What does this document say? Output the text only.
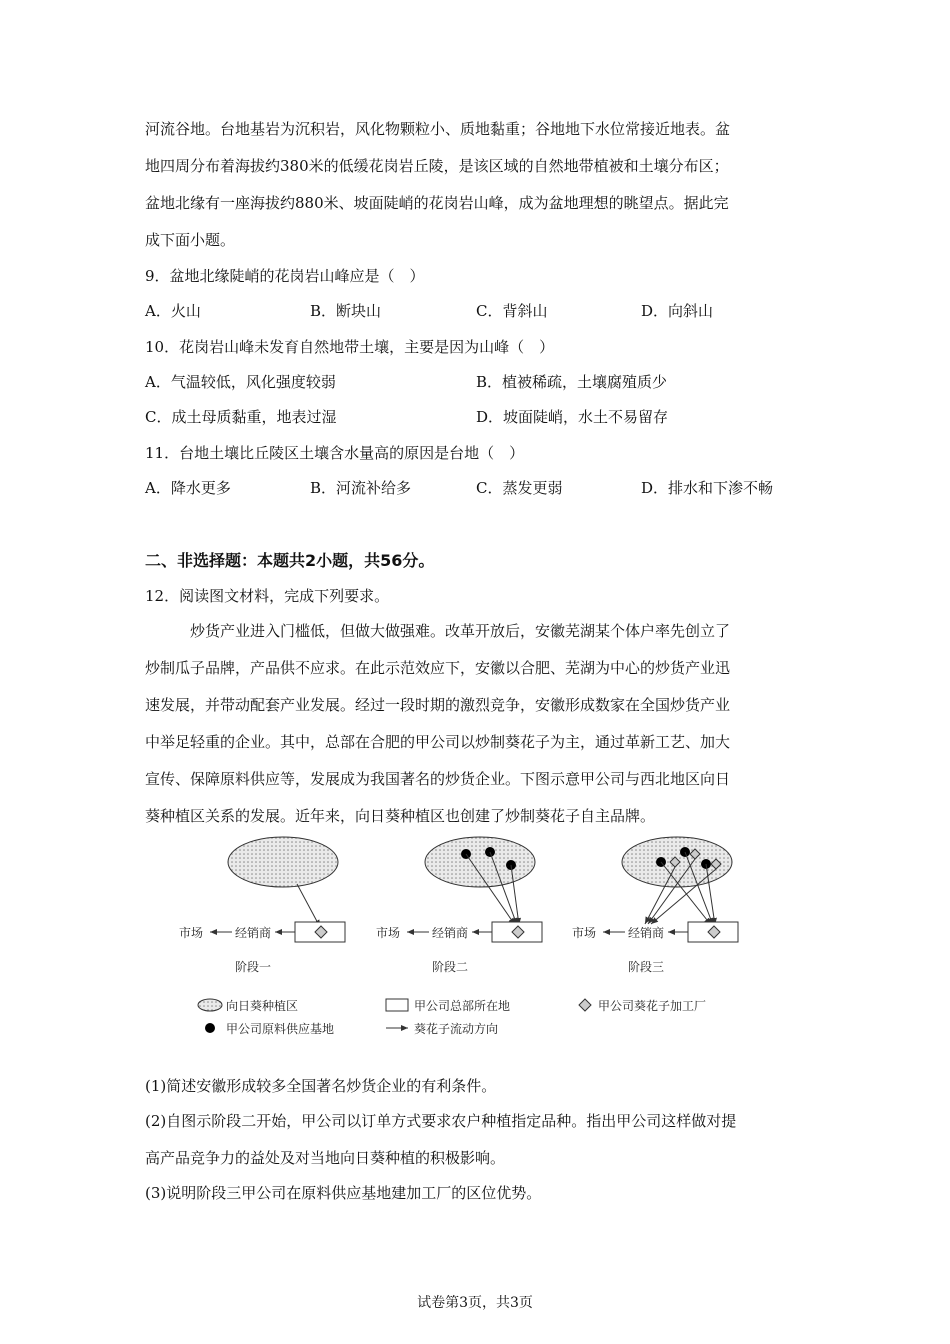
河流谷地。台地基岩为沉积岩，风化物颗粒小、质地黏重；谷地地下水位常接近地表。盆
地四周分布着海拔约380米的低缓花岗岩丘陵，是该区域的自然地带植被和土壤分布区；
盆地北缘有一座海拔约880米、坡面陡峭的花岗岩山峰，成为盆地理想的眺望点。据此完
成下面小题。
9．盆地北缘陡峭的花岗岩山峰应是（　）
A．火山	B．断块山	C．背斜山	D．向斜山
10．花岗岩山峰未发育自然地带土壤，主要是因为山峰（　）
A．气温较低，风化强度较弱	B．植被稀疏，土壤腐殖质少
C．成土母质黏重，地表过湿	D．坡面陡峭，水土不易留存
11．台地土壤比丘陵区土壤含水量高的原因是台地（　）
A．降水更多	B．河流补给多	C．蒸发更弱	D．排水和下渗不畅
二、非选择题：本题共2小题，共56分。
12．阅读图文材料，完成下列要求。
炒货产业进入门槛低，但做大做强难。改革开放后，安徽芜湖某个体户率先创立了
炒制瓜子品牌，产品供不应求。在此示范效应下，安徽以合肥、芜湖为中心的炒货产业迅
速发展，并带动配套产业发展。经过一段时期的激烈竞争，安徽形成数家在全国炒货产业
中举足轻重的企业。其中，总部在合肥的甲公司以炒制葵花子为主，通过革新工艺、加大
宣传、保障原料供应等，发展成为我国著名的炒货企业。下图示意甲公司与西北地区向日
葵种植区关系的发展。近年来，向日葵种植区也创建了炒制葵花子自主品牌。
经销商
市场
阶段一
经销商
市场
阶段二
经销商
市场
阶段三
向日葵种植区	甲公司总部所在地	甲公司葵花子加工厂
甲公司原料供应基地	葵花子流动方向
(1)简述安徽形成较多全国著名炒货企业的有利条件。
(2)自图示阶段二开始，甲公司以订单方式要求农户种植指定品种。指出甲公司这样做对提
高产品竞争力的益处及对当地向日葵种植的积极影响。
(3)说明阶段三甲公司在原料供应基地建加工厂的区位优势。
试卷第3页，共3页
